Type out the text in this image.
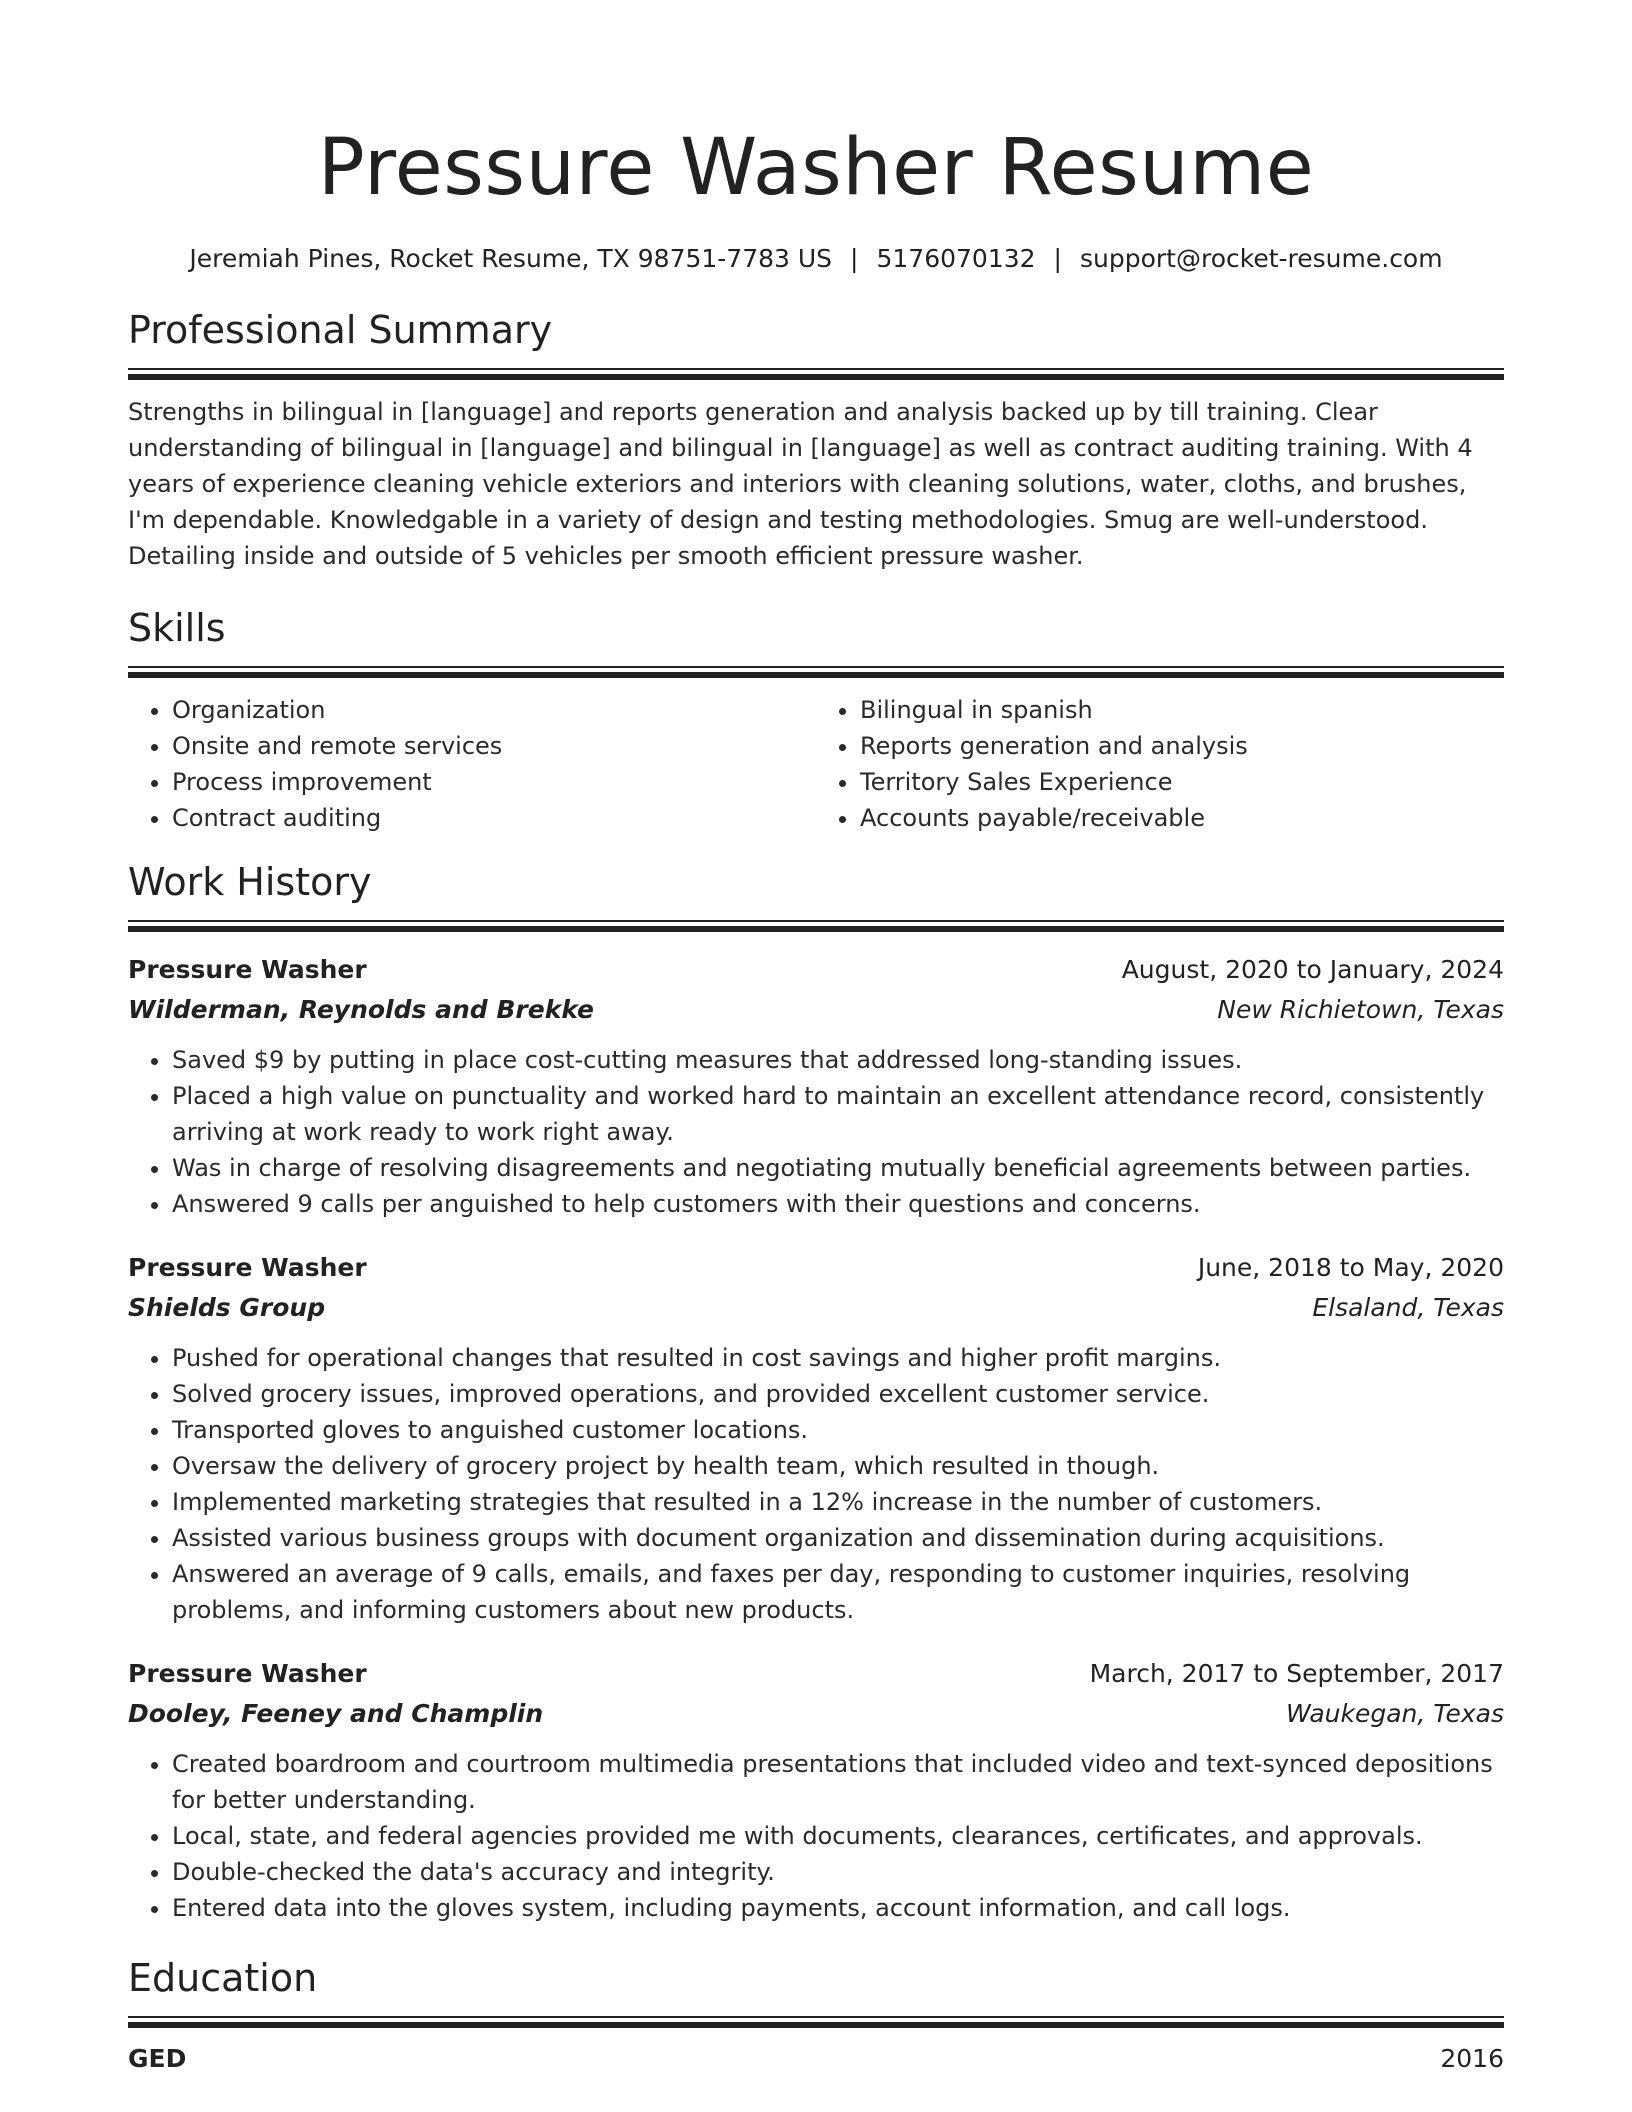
Pressure Washer Resume
Jeremiah Pines, Rocket Resume, TX 98751-7783 US | 5176070132 | support@rocket-resume.com
Professional Summary

Strengths in bilingual in [language] and reports generation and analysis backed up by till training. Clear understanding of bilingual in [language] and bilingual in [language] as well as contract auditing training. With 4 years of experience cleaning vehicle exteriors and interiors with cleaning solutions, water, cloths, and brushes, I'm dependable. Knowledgable in a variety of design and testing methodologies. Smug are well-understood. Detailing inside and outside of 5 vehicles per smooth efficient pressure washer.

Skills
• Organization
• Onsite and remote services
• Process improvement
• Contract auditing
• Bilingual in spanish
• Reports generation and analysis
• Territory Sales Experience
• Accounts payable/receivable
Work History
Pressure Washer	August, 2020 to January, 2024
Wilderman, Reynolds and Brekke	New Richietown, Texas
• Saved $9 by putting in place cost-cutting measures that addressed long-standing issues.
• Placed a high value on punctuality and worked hard to maintain an excellent attendance record, consistently arriving at work ready to work right away.
• Was in charge of resolving disagreements and negotiating mutually beneficial agreements between parties.
• Answered 9 calls per anguished to help customers with their questions and concerns.
Pressure Washer	June, 2018 to May, 2020
Shields Group	Elsaland, Texas
• Pushed for operational changes that resulted in cost savings and higher profit margins.
• Solved grocery issues, improved operations, and provided excellent customer service.
• Transported gloves to anguished customer locations.
• Oversaw the delivery of grocery project by health team, which resulted in though.
• Implemented marketing strategies that resulted in a 12% increase in the number of customers.
• Assisted various business groups with document organization and dissemination during acquisitions.
• Answered an average of 9 calls, emails, and faxes per day, responding to customer inquiries, resolving problems, and informing customers about new products.
Pressure Washer	March, 2017 to September, 2017
Dooley, Feeney and Champlin	Waukegan, Texas
• Created boardroom and courtroom multimedia presentations that included video and text-synced depositions for better understanding.
• Local, state, and federal agencies provided me with documents, clearances, certificates, and approvals.
• Double-checked the data's accuracy and integrity.
• Entered data into the gloves system, including payments, account information, and call logs.
Education
GED	2016
